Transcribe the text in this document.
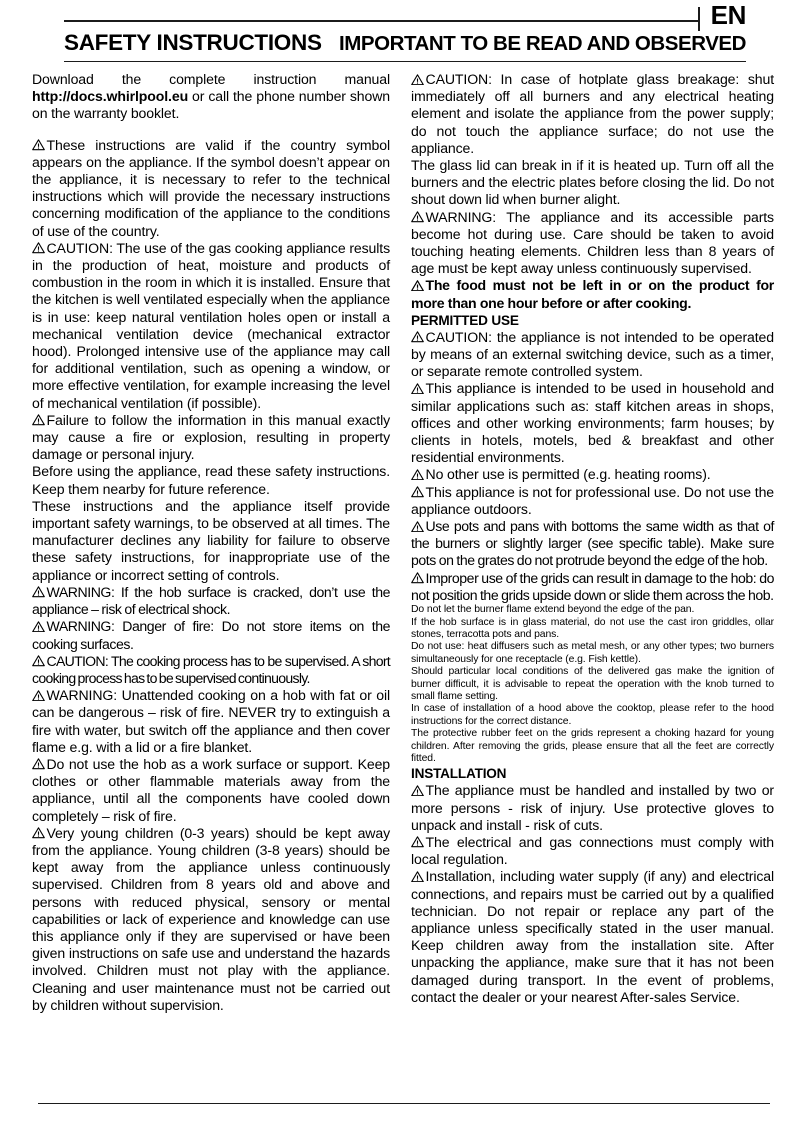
EN
SAFETY INSTRUCTIONS IMPORTANT TO BE READ AND OBSERVED

Download the complete instruction manual http://docs.whirlpool.eu or call the phone number shown on the warranty booklet.

These instructions are valid if the country symbol appears on the appliance. If the symbol doesn’t appear on the appliance, it is necessary to refer to the technical instructions which will provide the necessary instructions concerning modification of the appliance to the conditions of use of the country.

CAUTION: The use of the gas cooking appliance results in the production of heat, moisture and products of combustion in the room in which it is installed. Ensure that the kitchen is well ventilated especially when the appliance is in use: keep natural ventilation holes open or install a mechanical ventilation device (mechanical extractor hood). Prolonged intensive use of the appliance may call for additional ventilation, such as opening a window, or more effective ventilation, for example increasing the level of mechanical ventilation (if possible).

Failure to follow the information in this manual exactly may cause a fire or explosion, resulting in property damage or personal injury.

Before using the appliance, read these safety instructions. Keep them nearby for future reference.

These instructions and the appliance itself provide important safety warnings, to be observed at all times. The manufacturer declines any liability for failure to observe these safety instructions, for inappropriate use of the appliance or incorrect setting of controls.

WARNING: If the hob surface is cracked, don’t use the appliance – risk of electrical shock.

WARNING: Danger of fire: Do not store items on the cooking surfaces.

CAUTION: The cooking process has to be supervised. A short cooking process has to be supervised continuously.

WARNING: Unattended cooking on a hob with fat or oil can be dangerous – risk of fire. NEVER try to extinguish a fire with water, but switch off the appliance and then cover flame e.g. with a lid or a fire blanket.

Do not use the hob as a work surface or support. Keep clothes or other flammable materials away from the appliance, until all the components have cooled down completely – risk of fire.

Very young children (0-3 years) should be kept away from the appliance. Young children (3-8 years) should be kept away from the appliance unless continuously supervised. Children from 8 years old and above and persons with reduced physical, sensory or mental capabilities or lack of experience and knowledge can use this appliance only if they are supervised or have been given instructions on safe use and understand the hazards involved. Children must not play with the appliance. Cleaning and user maintenance must not be carried out by children without supervision.

CAUTION: In case of hotplate glass breakage: shut immediately off all burners and any electrical heating element and isolate the appliance from the power supply; do not touch the appliance surface; do not use the appliance.

The glass lid can break in if it is heated up. Turn off all the burners and the electric plates before closing the lid. Do not shout down lid when burner alight.

WARNING: The appliance and its accessible parts become hot during use. Care should be taken to avoid touching heating elements. Children less than 8 years of age must be kept away unless continuously supervised.

The food must not be left in or on the product for more than one hour before or after cooking.

PERMITTED USE

CAUTION: the appliance is not intended to be operated by means of an external switching device, such as a timer, or separate remote controlled system.

This appliance is intended to be used in household and similar applications such as: staff kitchen areas in shops, offices and other working environments; farm houses; by clients in hotels, motels, bed & breakfast and other residential environments.

No other use is permitted (e.g. heating rooms).

This appliance is not for professional use. Do not use the appliance outdoors.

Use pots and pans with bottoms the same width as that of the burners or slightly larger (see specific table). Make sure pots on the grates do not protrude beyond the edge of the hob.

Improper use of the grids can result in damage to the hob: do not position the grids upside down or slide them across the hob.

Do not let the burner flame extend beyond the edge of the pan.

If the hob surface is in glass material, do not use the cast iron griddles, ollar stones, terracotta pots and pans.

Do not use: heat diffusers such as metal mesh, or any other types; two burners simultaneously for one receptacle (e.g. Fish kettle).

Should particular local conditions of the delivered gas make the ignition of burner difficult, it is advisable to repeat the operation with the knob turned to small flame setting.

In case of installation of a hood above the cooktop, please refer to the hood instructions for the correct distance.

The protective rubber feet on the grids represent a choking hazard for young children. After removing the grids, please ensure that all the feet are correctly fitted.

INSTALLATION

The appliance must be handled and installed by two or more persons - risk of injury. Use protective gloves to unpack and install - risk of cuts.

The electrical and gas connections must comply with local regulation.

Installation, including water supply (if any) and electrical connections, and repairs must be carried out by a qualified technician. Do not repair or replace any part of the appliance unless specifically stated in the user manual. Keep children away from the installation site. After unpacking the appliance, make sure that it has not been damaged during transport. In the event of problems, contact the dealer or your nearest After-sales Service.
